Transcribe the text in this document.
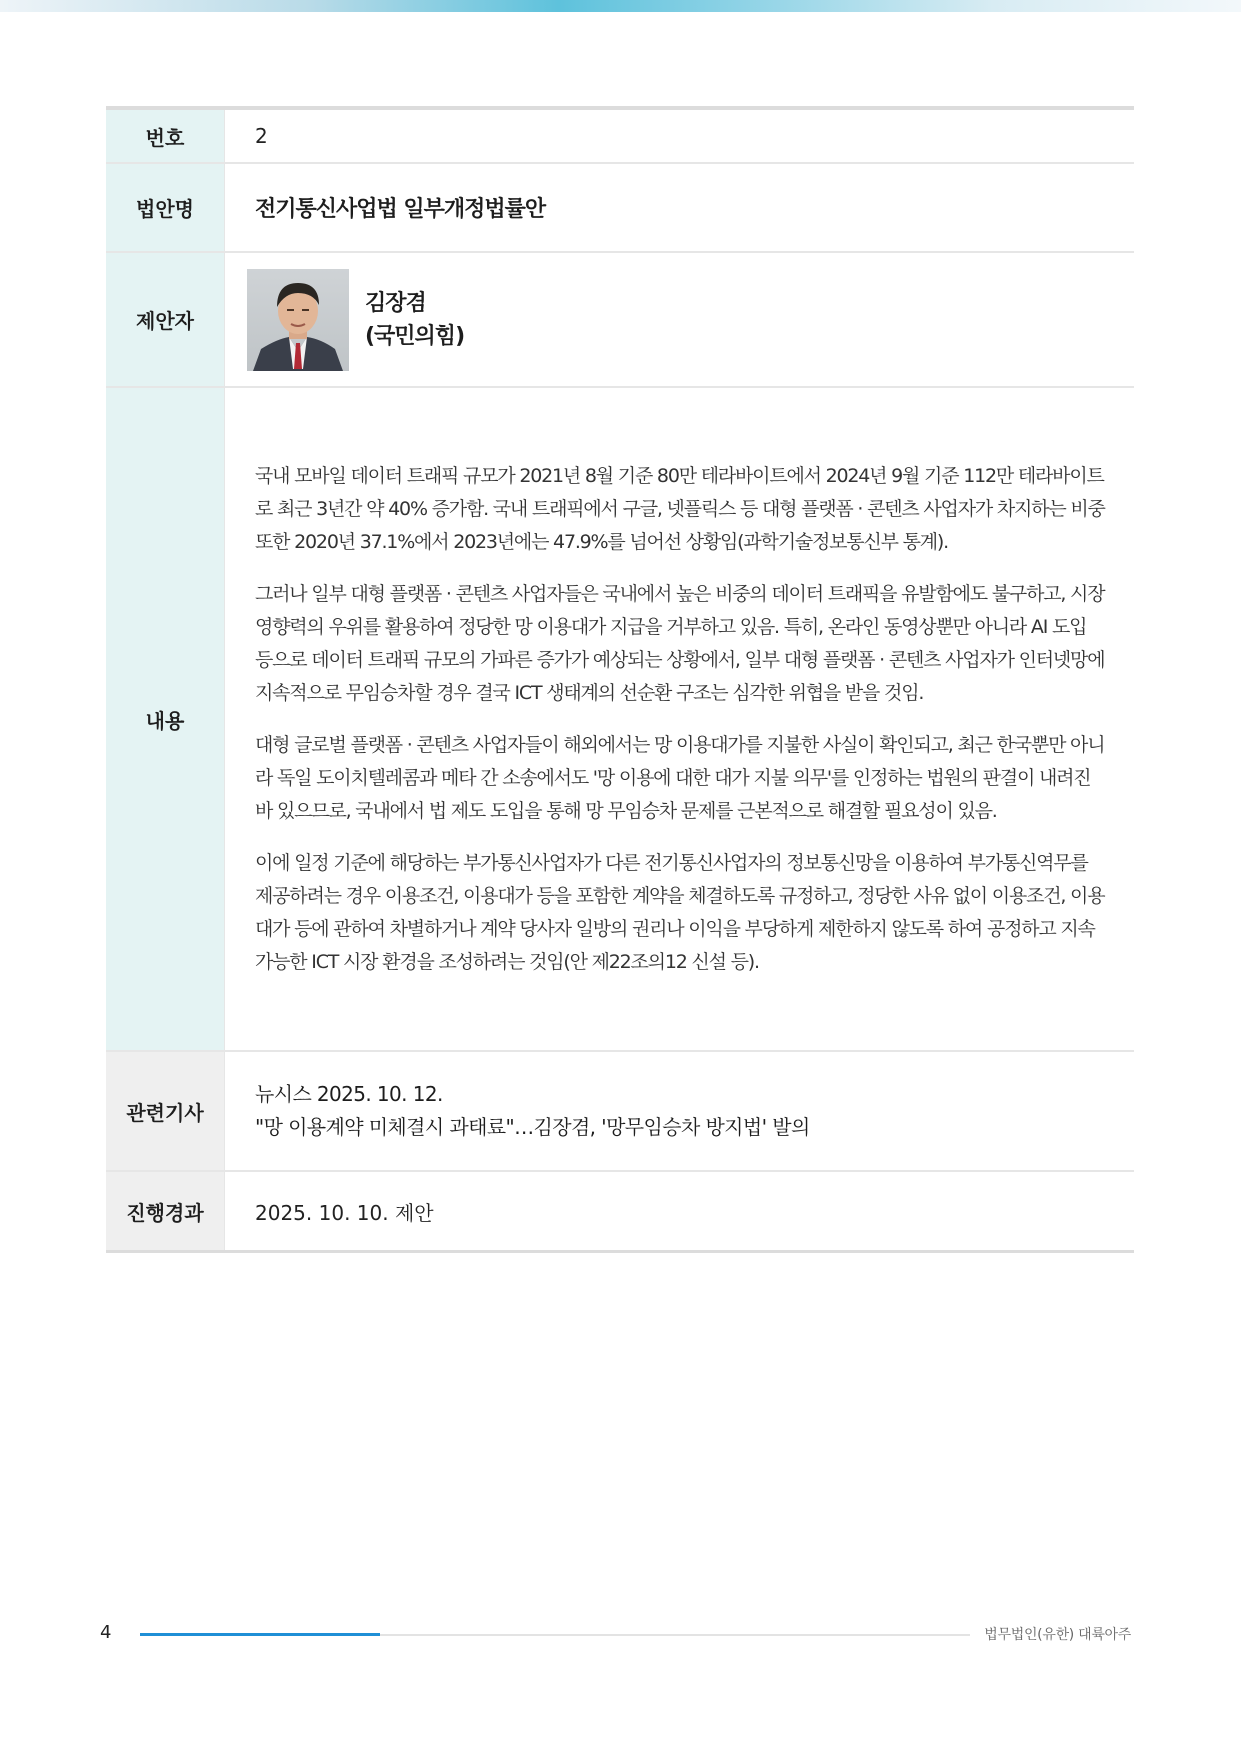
번호	2
법안명	전기통신사업법 일부개정법률안
제안자	김장겸
(국민의힘)

내용	국내 모바일 데이터 트래픽 규모가 2021년 8월 기준 80만 테라바이트에서 2024년 9월 기준 112만 테라바이트로 최근 3년간 약 40% 증가함. 국내 트래픽에서 구글, 넷플릭스 등 대형 플랫폼 · 콘텐츠 사업자가 차지하는 비중 또한 2020년 37.1%에서 2023년에는 47.9%를 넘어선 상황임(과학기술정보통신부 통계).

그러나 일부 대형 플랫폼 · 콘텐츠 사업자들은 국내에서 높은 비중의 데이터 트래픽을 유발함에도 불구하고, 시장 영향력의 우위를 활용하여 정당한 망 이용대가 지급을 거부하고 있음. 특히, 온라인 동영상뿐만 아니라 AI 도입 등으로 데이터 트래픽 규모의 가파른 증가가 예상되는 상황에서, 일부 대형 플랫폼 · 콘텐츠 사업자가 인터넷망에 지속적으로 무임승차할 경우 결국 ICT 생태계의 선순환 구조는 심각한 위협을 받을 것임.

대형 글로벌 플랫폼 · 콘텐츠 사업자들이 해외에서는 망 이용대가를 지불한 사실이 확인되고, 최근 한국뿐만 아니라 독일 도이치텔레콤과 메타 간 소송에서도 '망 이용에 대한 대가 지불 의무'를 인정하는 법원의 판결이 내려진 바 있으므로, 국내에서 법 제도 도입을 통해 망 무임승차 문제를 근본적으로 해결할 필요성이 있음.

이에 일정 기준에 해당하는 부가통신사업자가 다른 전기통신사업자의 정보통신망을 이용하여 부가통신역무를 제공하려는 경우 이용조건, 이용대가 등을 포함한 계약을 체결하도록 규정하고, 정당한 사유 없이 이용조건, 이용대가 등에 관하여 차별하거나 계약 당사자 일방의 권리나 이익을 부당하게 제한하지 않도록 하여 공정하고 지속 가능한 ICT 시장 환경을 조성하려는 것임(안 제22조의12 신설 등).

관련기사	뉴시스 2025. 10. 12.
"망 이용계약 미체결시 과태료"…김장겸, '망무임승차 방지법' 발의

진행경과	2025. 10. 10. 제안
4	법무법인(유한) 대륙아주
